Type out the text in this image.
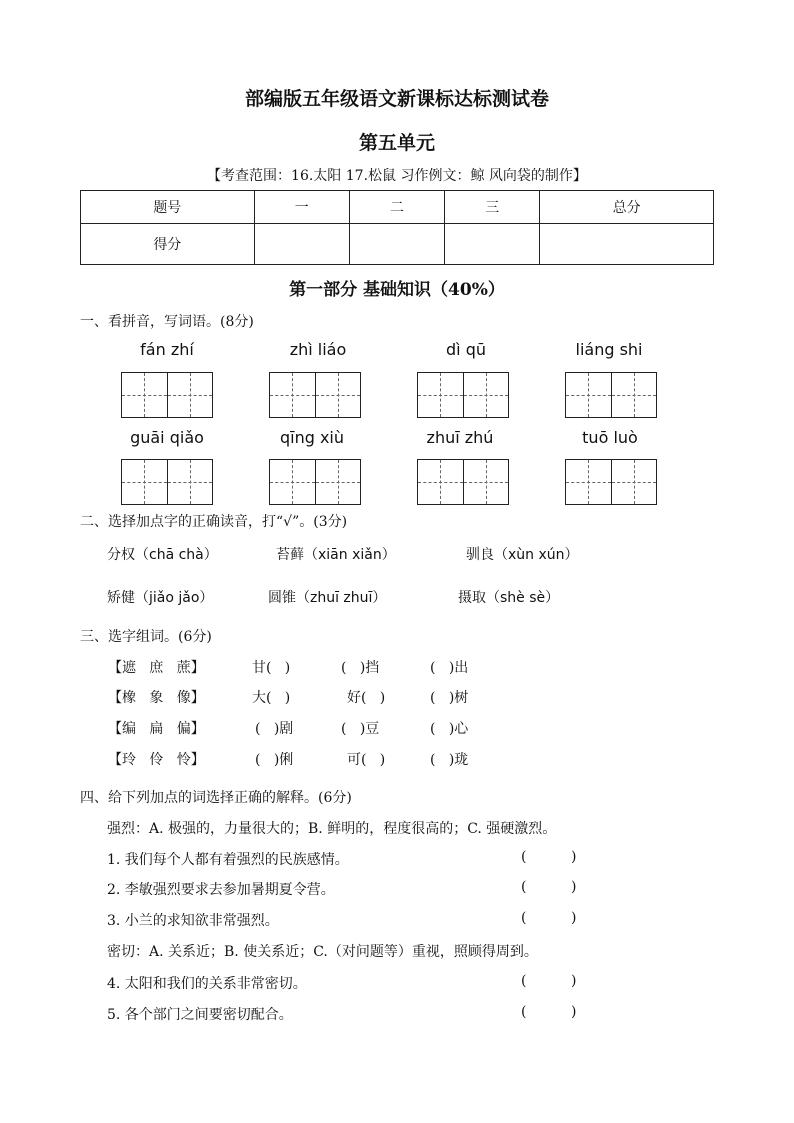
部编版五年级语文新课标达标测试卷
第五单元
【考查范围：16.太阳 17.松鼠 习作例文：鲸 风向袋的制作】
题号	一	二	三	总分
得分				
第一部分 基础知识（40%）
一、看拼音，写词语。(8分)
fán zhí	zhì liáo	dì qū	liáng shi
guāi qiǎo	qīng xiù	zhuī zhú	tuō luò
二、选择加点字的正确读音，打“√”。(3分)
分权（chā chà）	苔藓（xiān xiǎn）	驯良（xùn xún）
矫健（jiǎo jǎo）	圆锥（zhuī zhuī）	摄取（shè sè）
三、选字组词。(6分)
【遮   庶   蔗】	甘(   )	(   )挡	(   )出
【橡   象   像】	大(   )	好(   )	(   )树
【编   扁   偏】	(   )剧	(   )豆	(   )心
【玲   伶   怜】	(   )俐	可(   )	(   )珑
四、给下列加点的词选择正确的解释。(6分)
强烈：A. 极强的，力量很大的；B. 鲜明的，程度很高的；C. 强硬激烈。
1. 我们每个人都有着强烈的民族感情。	(          )
2. 李敏强烈要求去参加暑期夏令营。	(          )
3. 小兰的求知欲非常强烈。	(          )
密切：A. 关系近；B. 使关系近；C.（对问题等）重视，照顾得周到。
4. 太阳和我们的关系非常密切。	(          )
5. 各个部门之间要密切配合。	(          )
